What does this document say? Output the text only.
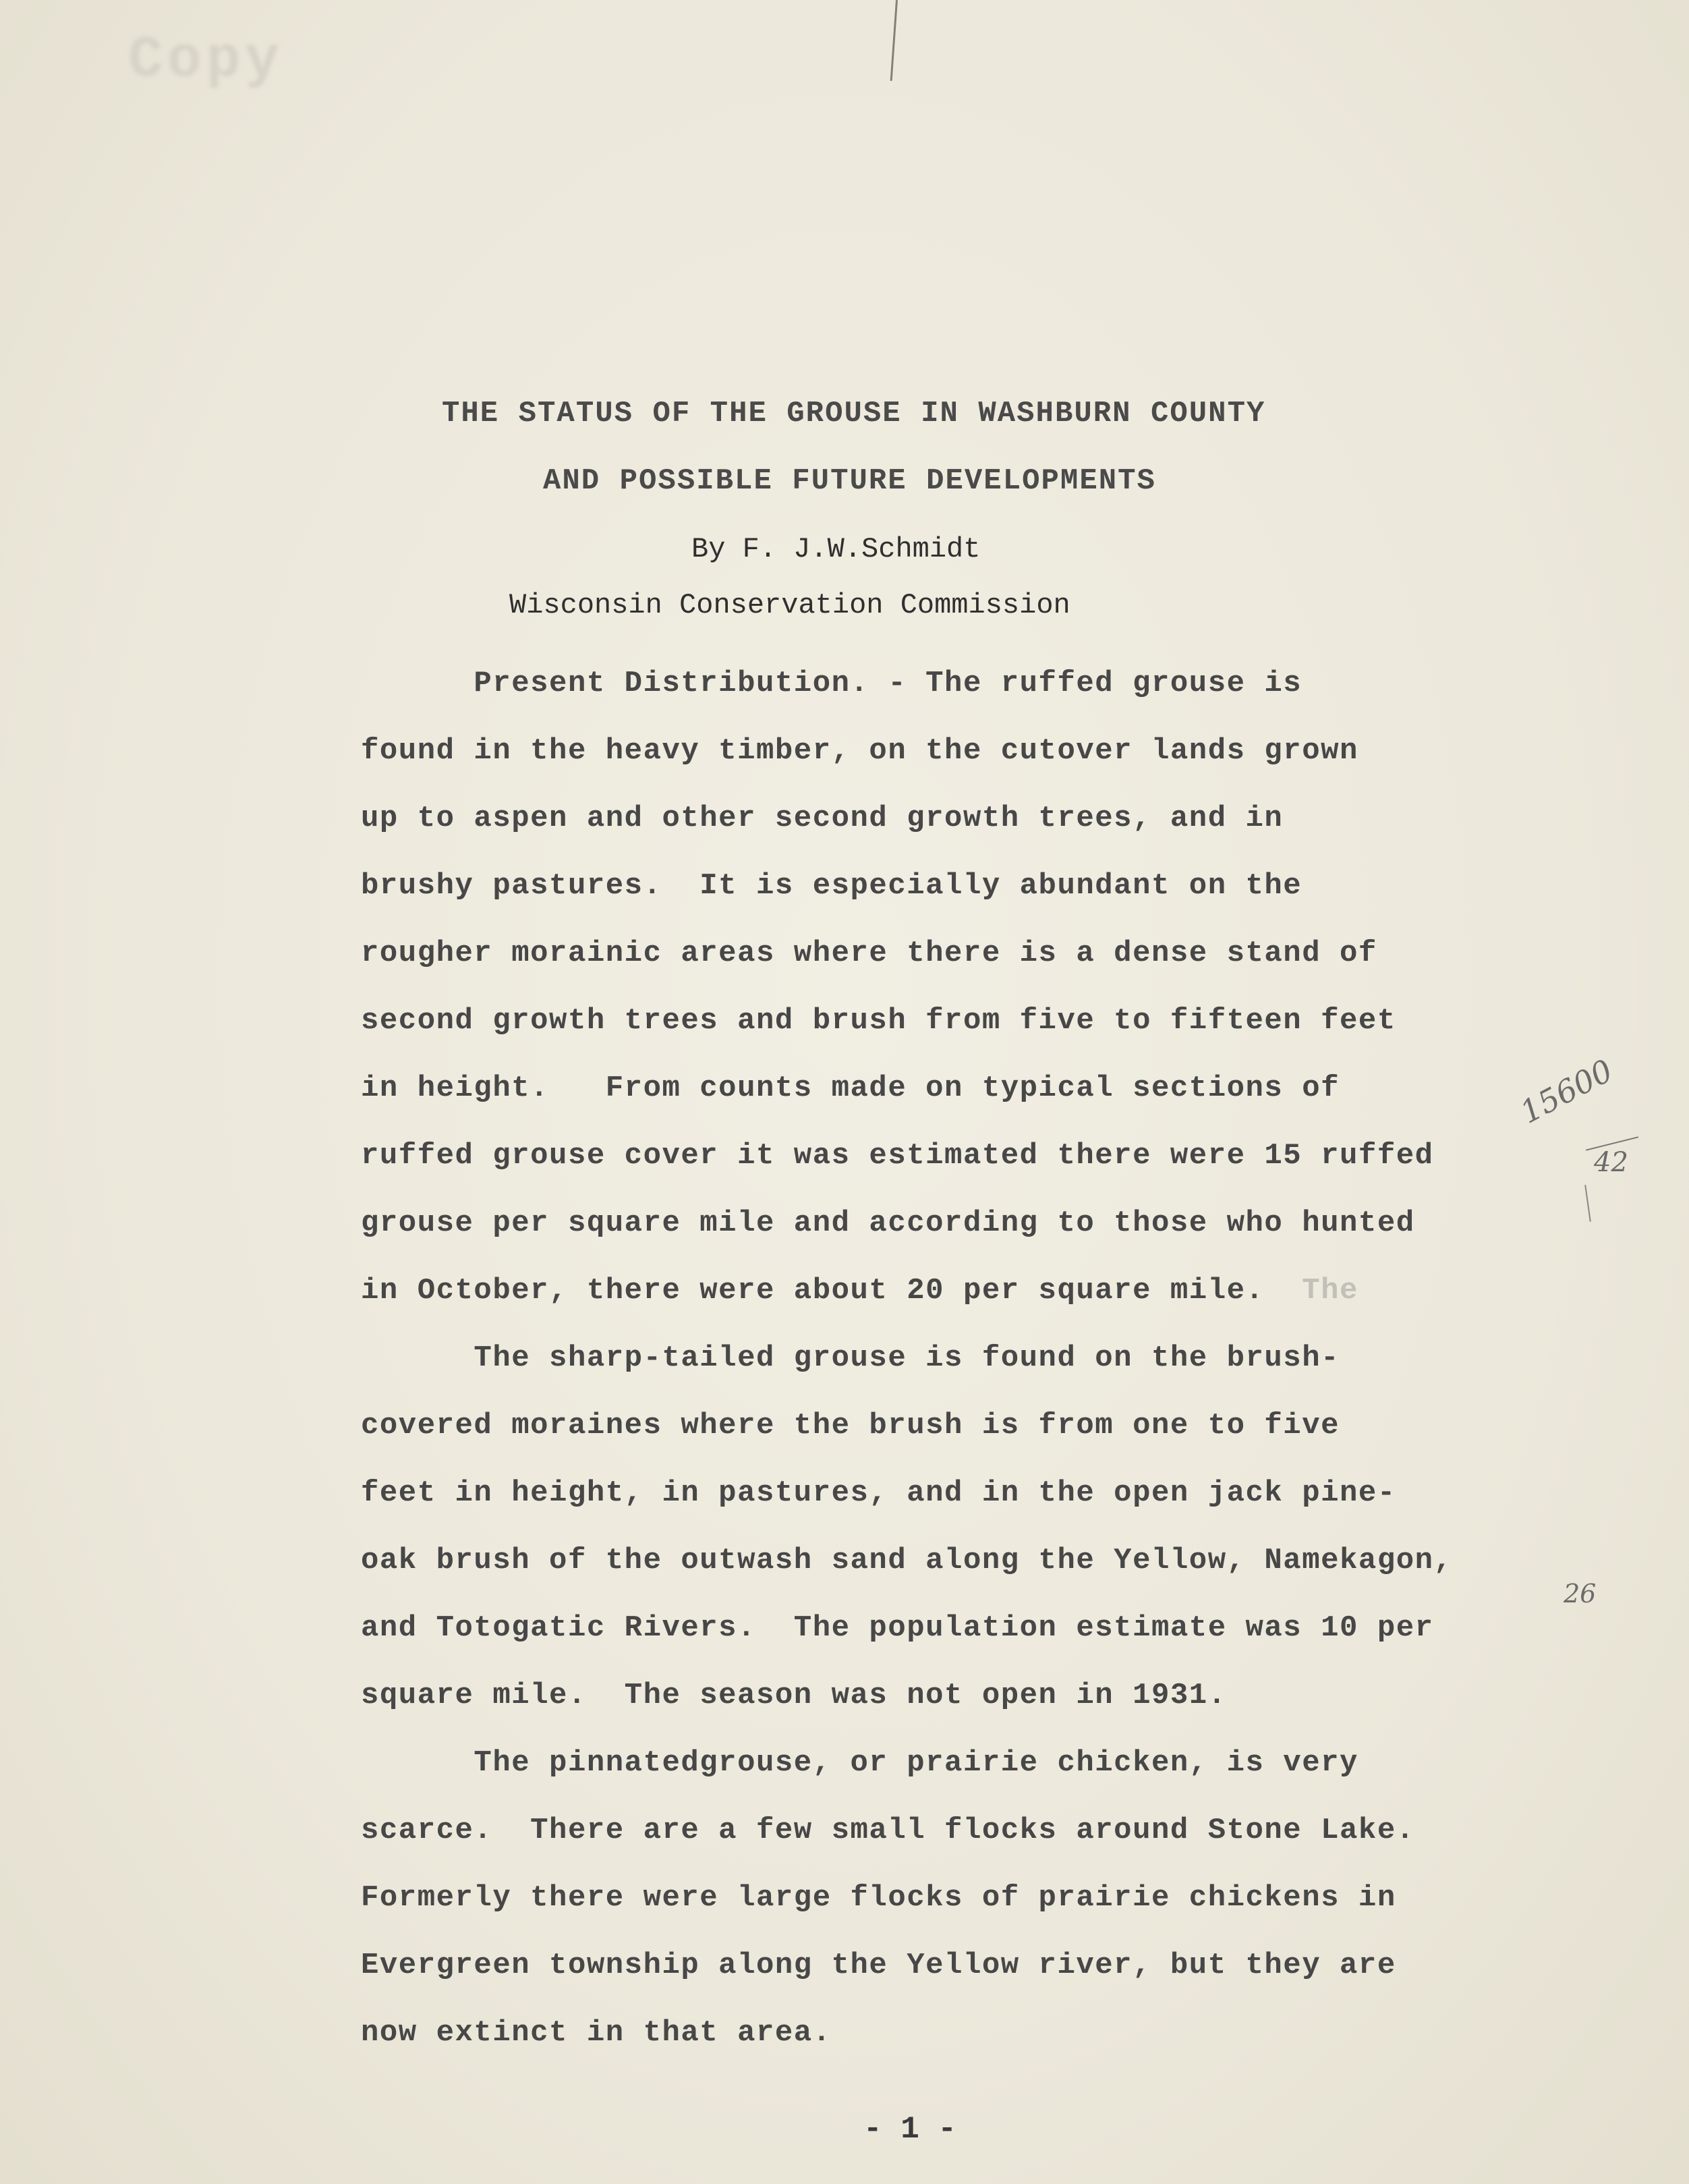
Copy
THE STATUS OF THE GROUSE IN WASHBURN COUNTY
AND POSSIBLE FUTURE DEVELOPMENTS
By F. J.W.Schmidt
Wisconsin Conservation Commission
Present Distribution. - The ruffed grouse is
found in the heavy timber, on the cutover lands grown
up to aspen and other second growth trees, and in
brushy pastures.  It is especially abundant on the
rougher morainic areas where there is a dense stand of
second growth trees and brush from five to fifteen feet
in height.   From counts made on typical sections of
ruffed grouse cover it was estimated there were 15 ruffed
grouse per square mile and according to those who hunted
in October, there were about 20 per square mile. The
The sharp-tailed grouse is found on the brush-
covered moraines where the brush is from one to five
feet in height, in pastures, and in the open jack pine-
oak brush of the outwash sand along the Yellow, Namekagon,
and Totogatic Rivers.  The population estimate was 10 per
square mile.  The season was not open in 1931.
The pinnatedgrouse, or prairie chicken, is very
scarce.  There are a few small flocks around Stone Lake.
Formerly there were large flocks of prairie chickens in
Evergreen township along the Yellow river, but they are
now extinct in that area.
- 1 -
15600
42
26
